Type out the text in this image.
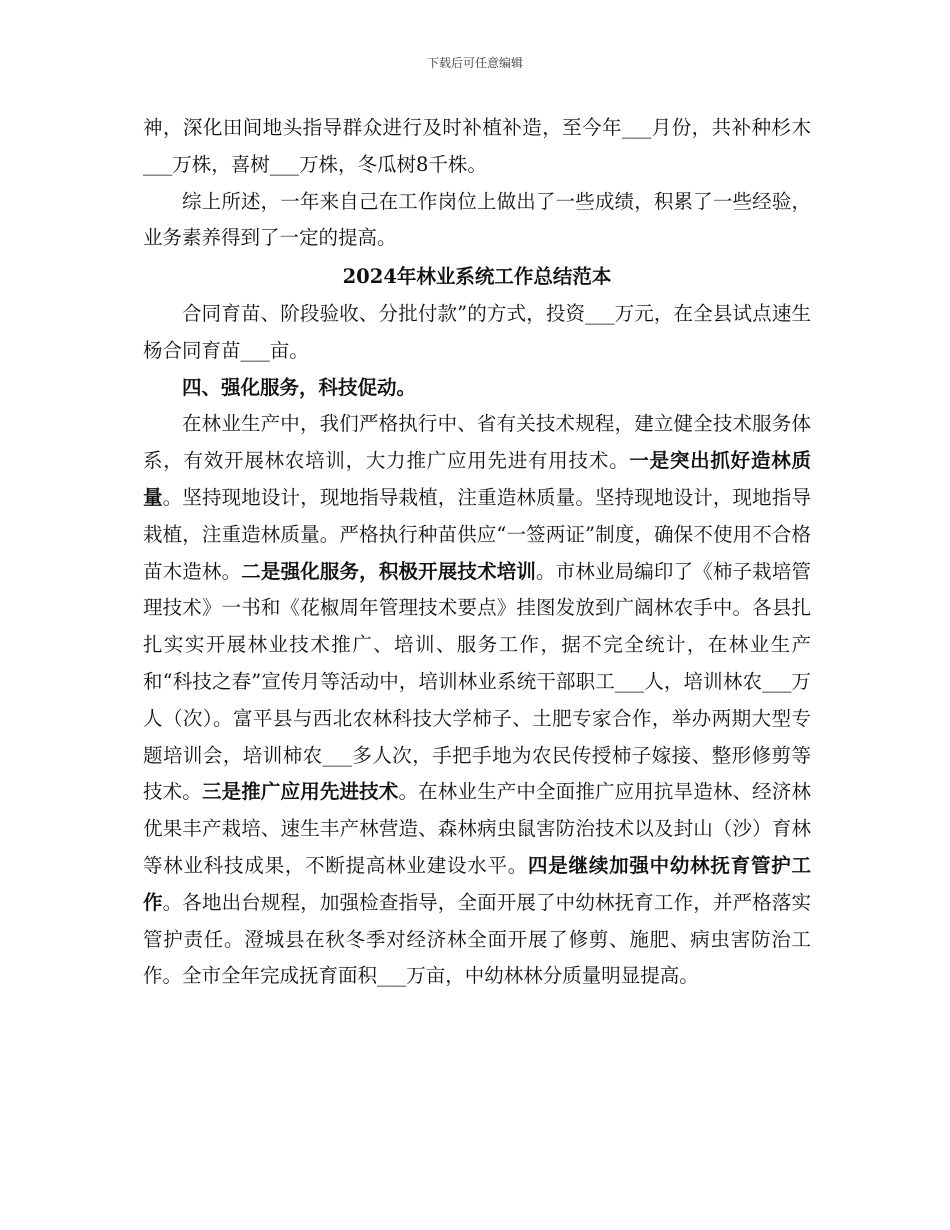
下载后可任意编辑

神，深化田间地头指导群众进行及时补植补造，至今年___月份，共补种杉木___万株，喜树___万株，冬瓜树8千株。

综上所述，一年来自己在工作岗位上做出了一些成绩，积累了一些经验，业务素养得到了一定的提高。

2024年林业系统工作总结范本

合同育苗、阶段验收、分批付款”的方式，投资___万元，在全县试点速生杨合同育苗___亩。

四、强化服务，科技促动。

在林业生产中，我们严格执行中、省有关技术规程，建立健全技术服务体系，有效开展林农培训，大力推广应用先进有用技术。一是突出抓好造林质量。坚持现地设计，现地指导栽植，注重造林质量。坚持现地设计，现地指导栽植，注重造林质量。严格执行种苗供应“一签两证”制度，确保不使用不合格苗木造林。二是强化服务，积极开展技术培训。市林业局编印了《柿子栽培管理技术》一书和《花椒周年管理技术要点》挂图发放到广阔林农手中。各县扎扎实实开展林业技术推广、培训、服务工作，据不完全统计，在林业生产和“科技之春”宣传月等活动中，培训林业系统干部职工___人，培训林农___万人（次）。富平县与西北农林科技大学柿子、土肥专家合作，举办两期大型专题培训会，培训柿农___多人次，手把手地为农民传授柿子嫁接、整形修剪等技术。三是推广应用先进技术。在林业生产中全面推广应用抗旱造林、经济林优果丰产栽培、速生丰产林营造、森林病虫鼠害防治技术以及封山（沙）育林等林业科技成果，不断提高林业建设水平。四是继续加强中幼林抚育管护工作。各地出台规程，加强检查指导，全面开展了中幼林抚育工作，并严格落实管护责任。澄城县在秋冬季对经济林全面开展了修剪、施肥、病虫害防治工作。全市全年完成抚育面积___万亩，中幼林林分质量明显提高。
